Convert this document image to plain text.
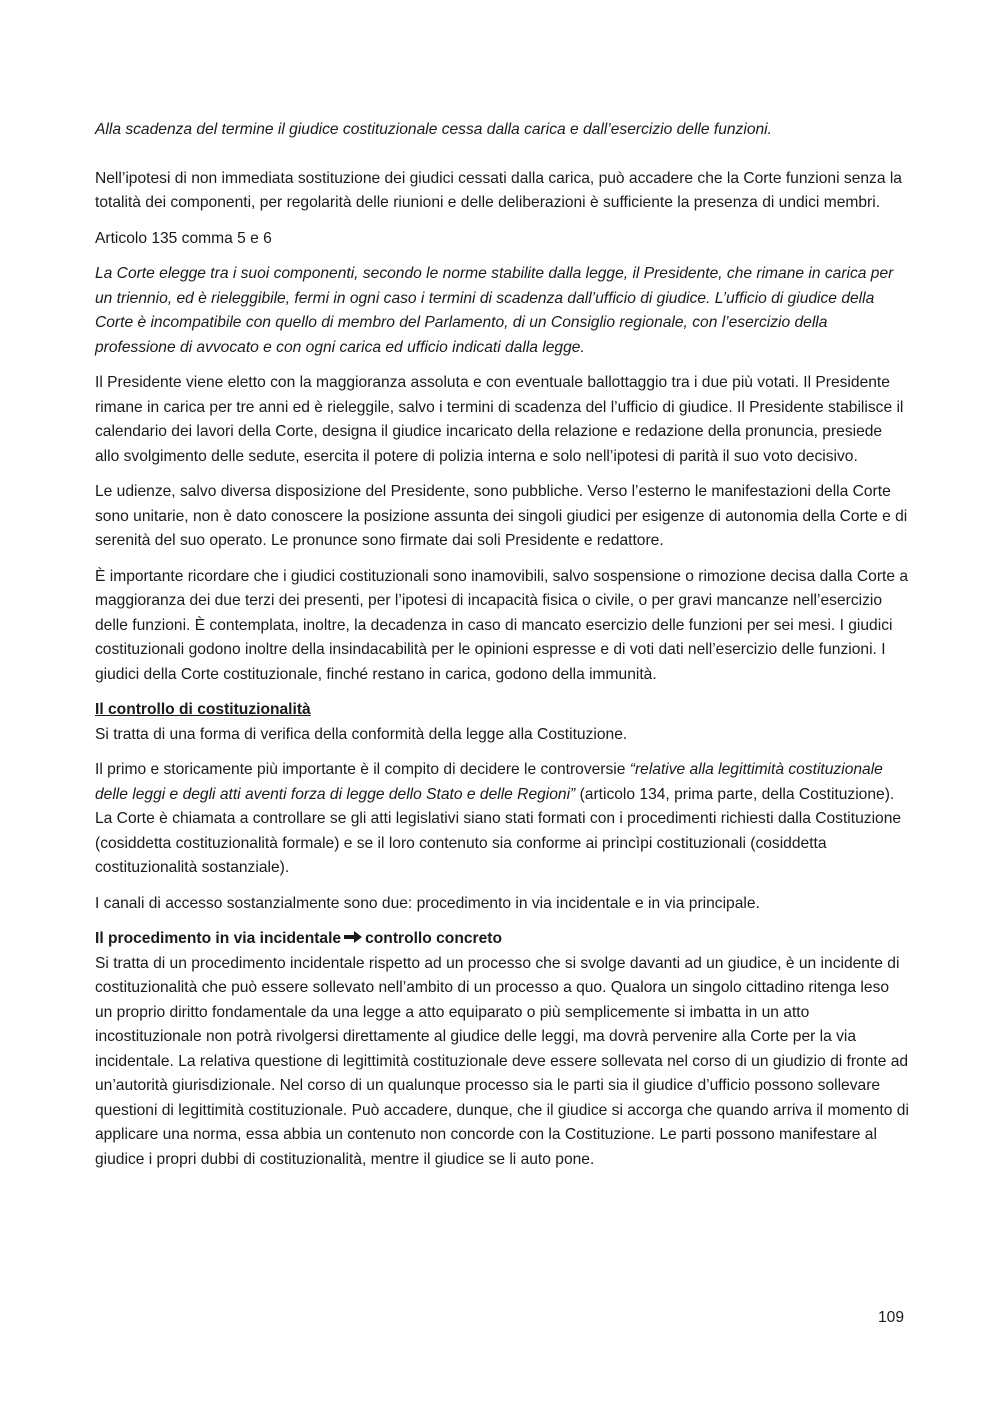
Alla scadenza del termine il giudice costituzionale cessa dalla carica e dall’esercizio delle funzioni.

Nell’ipotesi di non immediata sostituzione dei giudici cessati dalla carica, può accadere che la Corte funzioni senza la totalità dei componenti, per regolarità delle riunioni e delle deliberazioni è sufficiente la presenza di undici membri.

Articolo 135 comma 5 e 6

La Corte elegge tra i suoi componenti, secondo le norme stabilite dalla legge, il Presidente, che rimane in carica per un triennio, ed è rieleggibile, fermi in ogni caso i termini di scadenza dall’ufficio di giudice. L’ufficio di giudice della Corte è incompatibile con quello di membro del Parlamento, di un Consiglio regionale, con l’esercizio della professione di avvocato e con ogni carica ed ufficio indicati dalla legge.

Il Presidente viene eletto con la maggioranza assoluta e con eventuale ballottaggio tra i due più votati. Il Presidente rimane in carica per tre anni ed è rieleggile, salvo i termini di scadenza del l’ufficio di giudice. Il Presidente stabilisce il calendario dei lavori della Corte, designa il giudice incaricato della relazione e redazione della pronuncia, presiede allo svolgimento delle sedute, esercita il potere di polizia interna e solo nell’ipotesi di parità il suo voto decisivo.

Le udienze, salvo diversa disposizione del Presidente, sono pubbliche. Verso l’esterno le manifestazioni della Corte sono unitarie, non è dato conoscere la posizione assunta dei singoli giudici per esigenze di autonomia della Corte e di serenità del suo operato. Le pronunce sono firmate dai soli Presidente e redattore.

È importante ricordare che i giudici costituzionali sono inamovibili, salvo sospensione o rimozione decisa dalla Corte a maggioranza dei due terzi dei presenti, per l’ipotesi di incapacità fisica o civile, o per gravi mancanze nell’esercizio delle funzioni. È contemplata, inoltre, la decadenza in caso di mancato esercizio delle funzioni per sei mesi. I giudici costituzionali godono inoltre della insindacabilità per le opinioni espresse e di voti dati nell’esercizio delle funzioni. I giudici della Corte costituzionale, finché restano in carica, godono della immunità.

Il controllo di costituzionalità

Si tratta di una forma di verifica della conformità della legge alla Costituzione.

Il primo e storicamente più importante è il compito di decidere le controversie “relative alla legittimità costituzionale delle leggi e degli atti aventi forza di legge dello Stato e delle Regioni” (articolo 134, prima parte, della Costituzione). La Corte è chiamata a controllare se gli atti legislativi siano stati formati con i procedimenti richiesti dalla Costituzione (cosiddetta costituzionalità formale) e se il loro contenuto sia conforme ai princìpi costituzionali (cosiddetta costituzionalità sostanziale).

I canali di accesso sostanzialmente sono due: procedimento in via incidentale e in via principale.

Il procedimento in via incidentale controllo concreto

Si tratta di un procedimento incidentale rispetto ad un processo che si svolge davanti ad un giudice, è un incidente di costituzionalità che può essere sollevato nell’ambito di un processo a quo. Qualora un singolo cittadino ritenga leso un proprio diritto fondamentale da una legge a atto equiparato o più semplicemente si imbatta in un atto incostituzionale non potrà rivolgersi direttamente al giudice delle leggi, ma dovrà pervenire alla Corte per la via incidentale. La relativa questione di legittimità costituzionale deve essere sollevata nel corso di un giudizio di fronte ad un’autorità giurisdizionale. Nel corso di un qualunque processo sia le parti sia il giudice d’ufficio possono sollevare questioni di legittimità costituzionale. Può accadere, dunque, che il giudice si accorga che quando arriva il momento di applicare una norma, essa abbia un contenuto non concorde con la Costituzione. Le parti possono manifestare al giudice i propri dubbi di costituzionalità, mentre il giudice se li auto pone.

109
